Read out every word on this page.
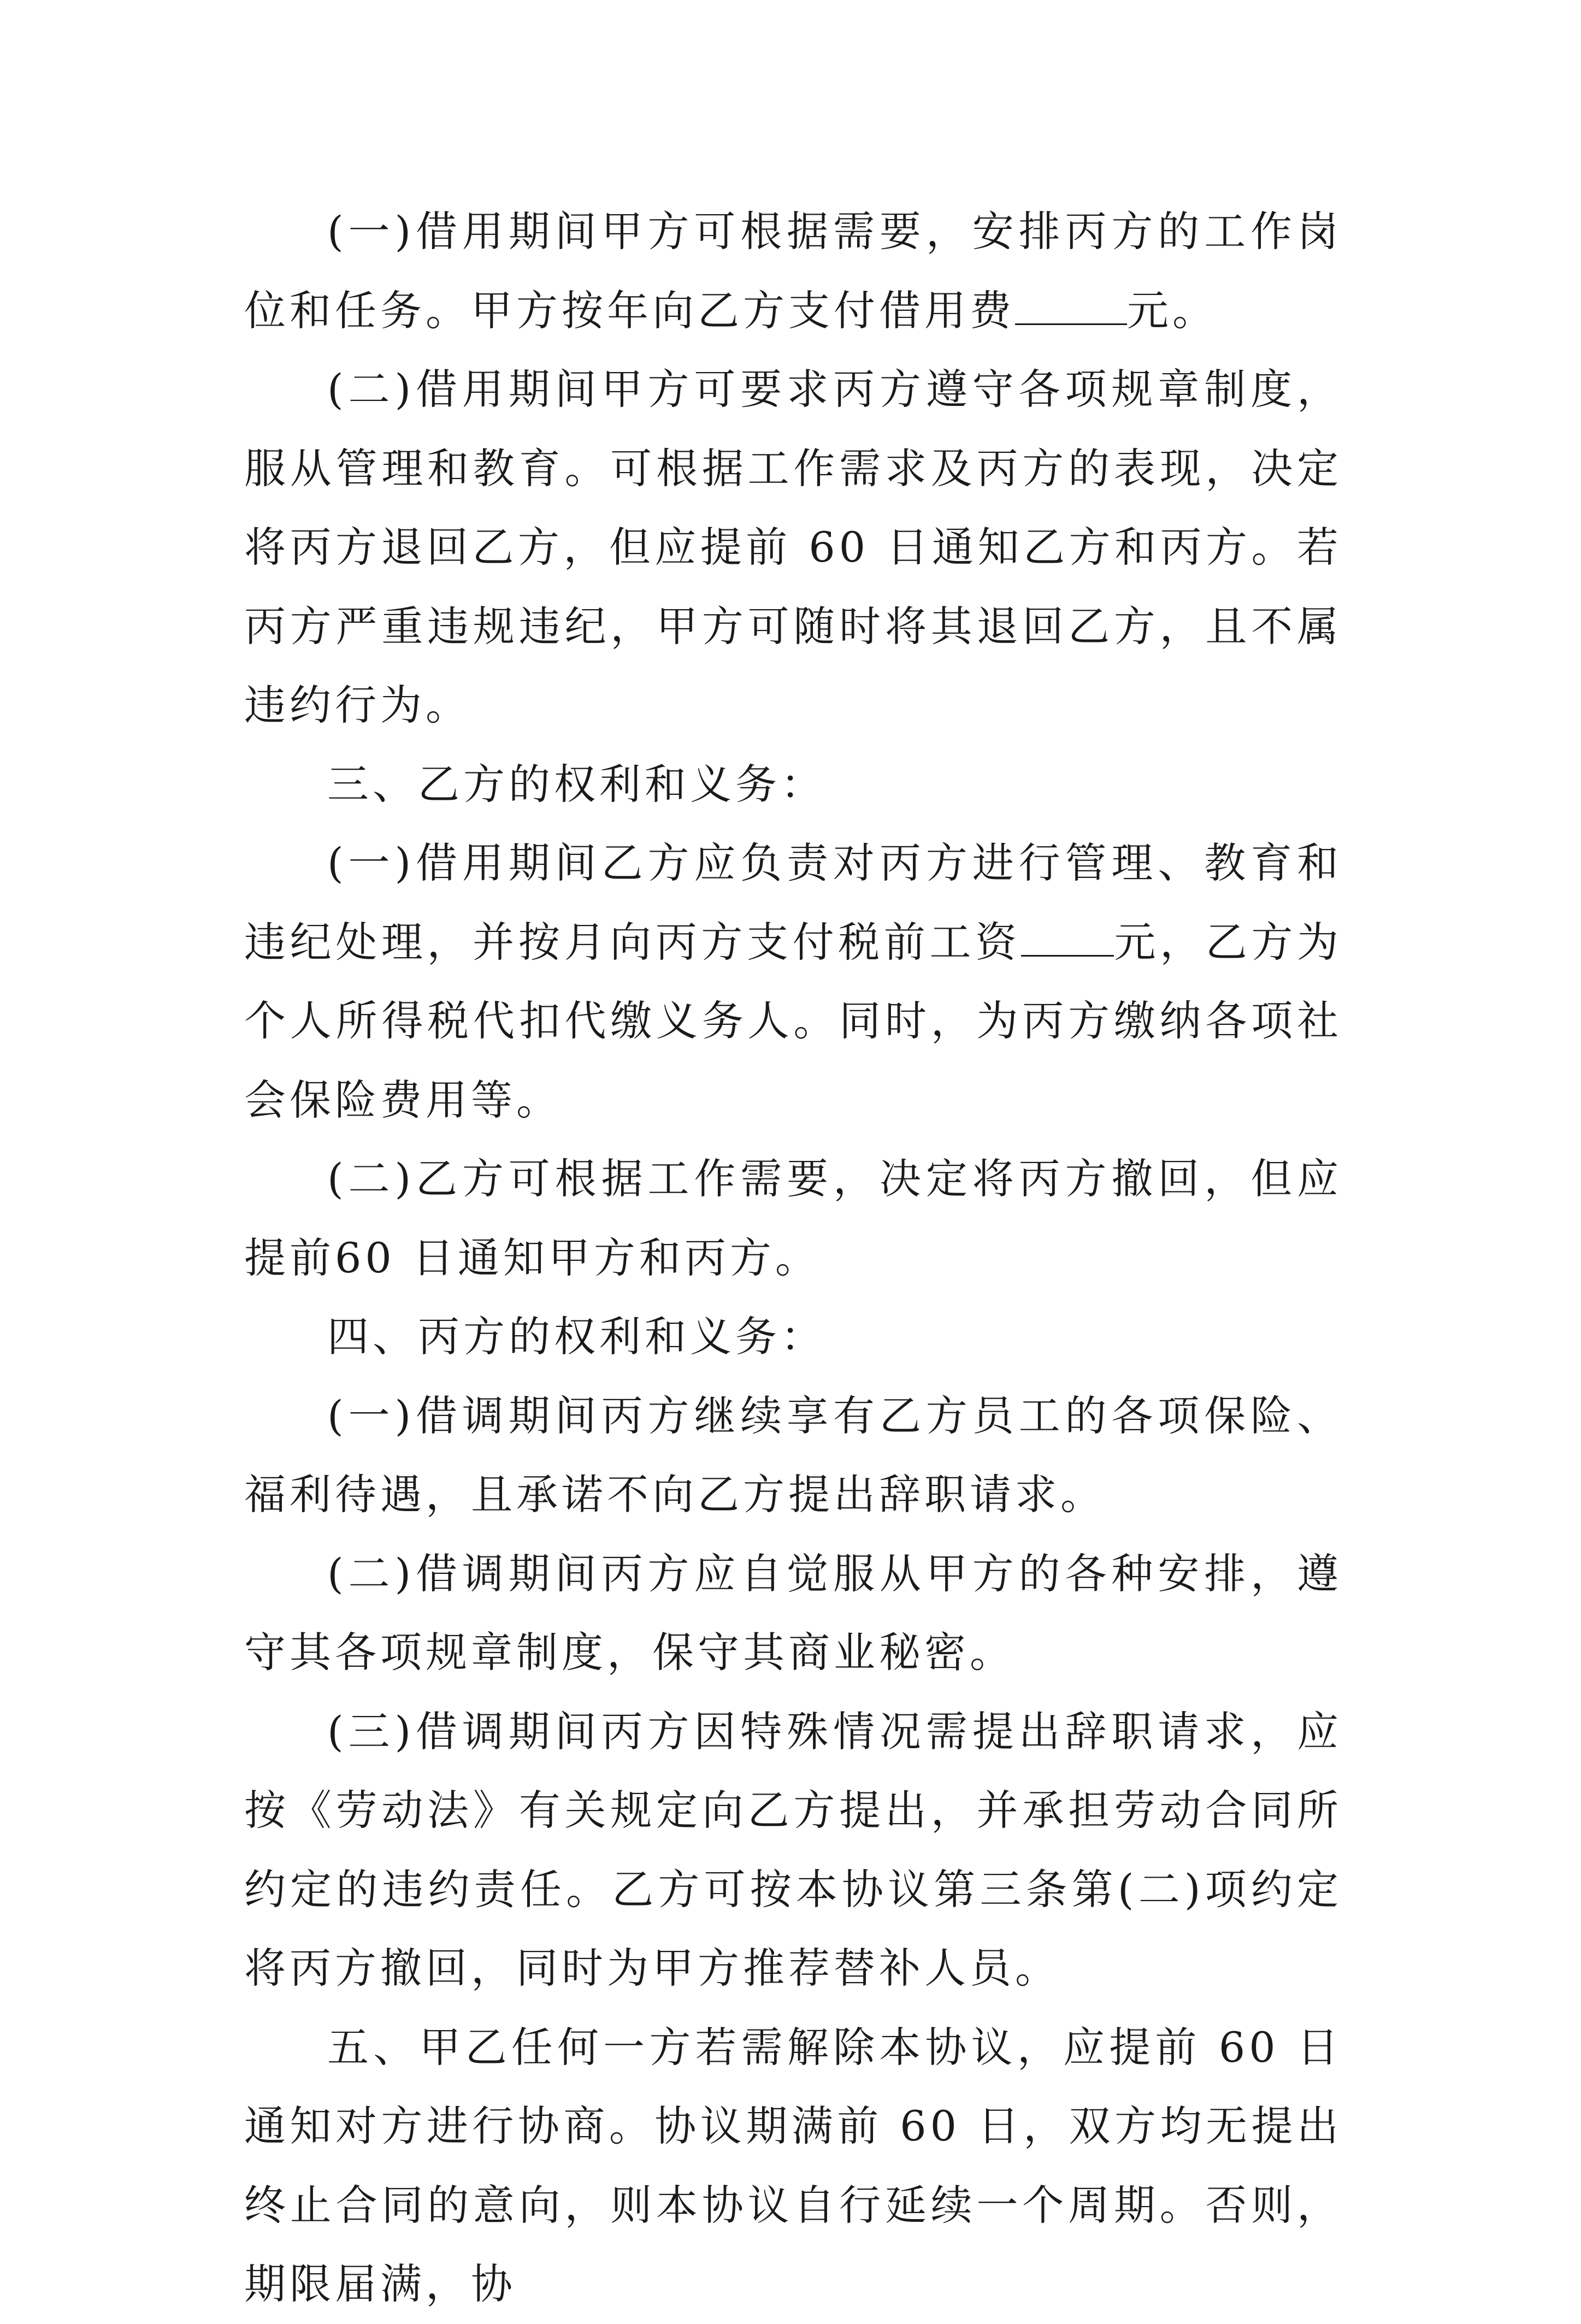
(一)借用期间甲方可根据需要，安排丙方的工作岗位和任务。甲方按年向乙方支付借用费	元。

(二)借用期间甲方可要求丙方遵守各项规章制度，服从管理和教育。可根据工作需求及丙方的表现，决定将丙方退回乙方，但应提前 60 日通知乙方和丙方。若丙方严重违规违纪，甲方可随时将其退回乙方，且不属违约行为。

三、乙方的权利和义务：

(一)借用期间乙方应负责对丙方进行管理、教育和违纪处理，并按月向丙方支付税前工资 元，乙方为个人所得税代扣代缴义务人。同时，为丙方缴纳各项社会保险费用等。

(二)乙方可根据工作需要，决定将丙方撤回，但应提前60 日通知甲方和丙方。

四、丙方的权利和义务：

(一)借调期间丙方继续享有乙方员工的各项保险、福利待遇，且承诺不向乙方提出辞职请求。

(二)借调期间丙方应自觉服从甲方的各种安排，遵守其各项规章制度，保守其商业秘密。

(三)借调期间丙方因特殊情况需提出辞职请求，应按《劳动法》有关规定向乙方提出，并承担劳动合同所约定的违约责任。乙方可按本协议第三条第(二)项约定将丙方撤回，同时为甲方推荐替补人员。

五、甲乙任何一方若需解除本协议，应提前 60 日通知对方进行协商。协议期满前 60 日，双方均无提出终止合同的意向，则本协议自行延续一个周期。否则，期限届满，协
